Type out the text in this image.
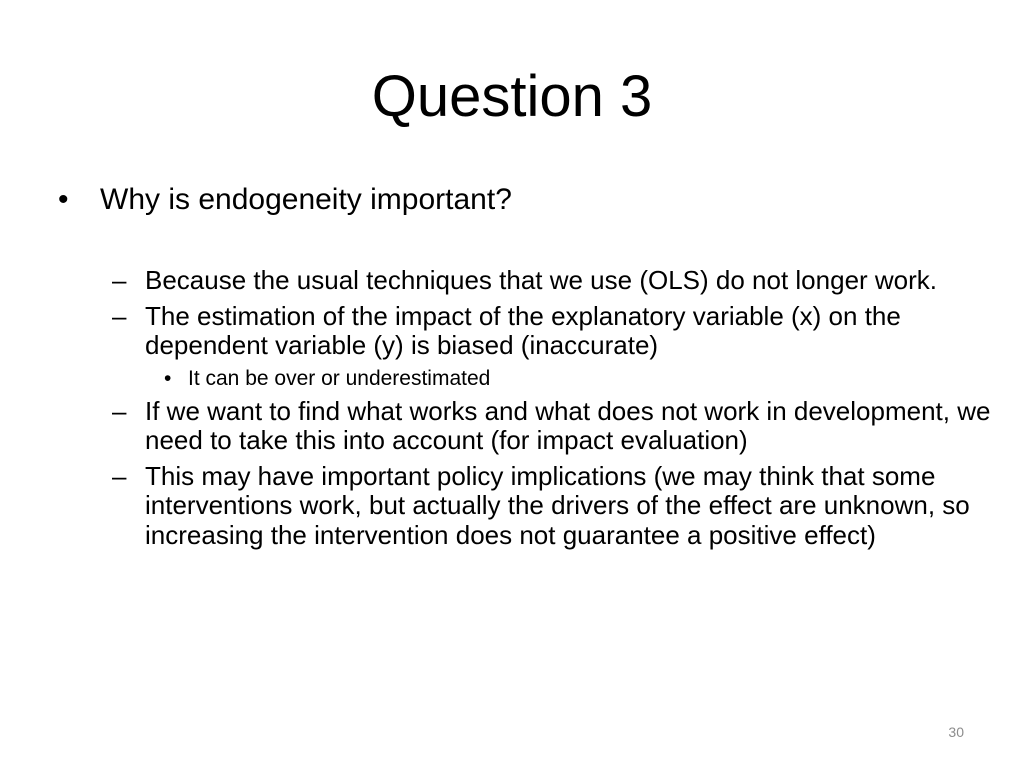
Question 3
•	Why is endogeneity important?
– Because the usual techniques that we use (OLS) do not longer work.
– The estimation of the impact of the explanatory variable (x) on the dependent variable (y) is biased (inaccurate)
• It can be over or underestimated
– If we want to find what works and what does not work in development, we need to take this into account (for impact evaluation)
– This may have important policy implications (we may think that some interventions work, but actually the drivers of the effect are unknown, so increasing the intervention does not guarantee a positive effect)
30
